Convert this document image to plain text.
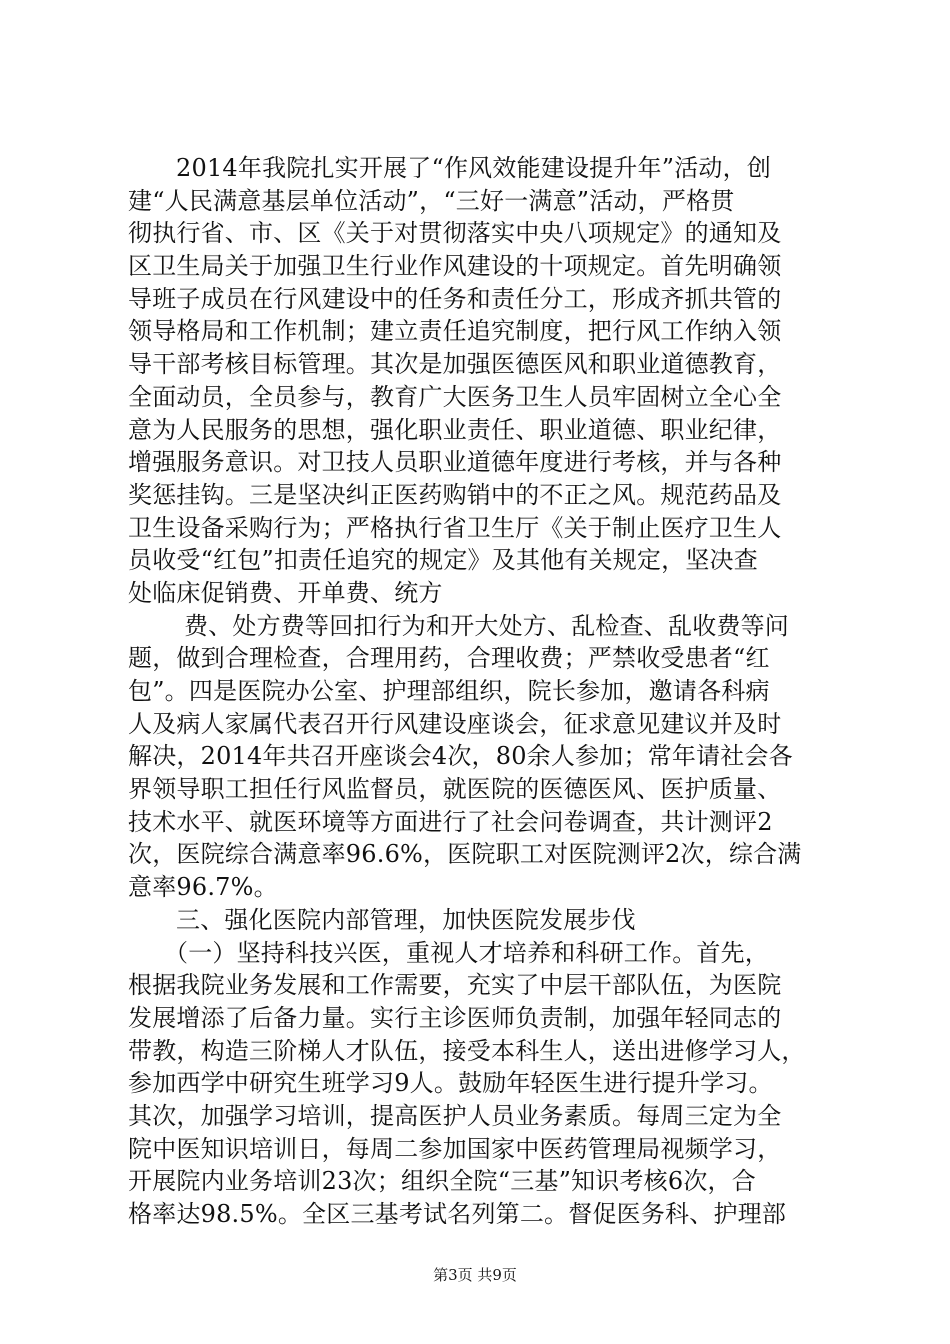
2014年我院扎实开展了“作风效能建设提升年”活动，创
建“人民满意基层单位活动”，“三好一满意”活动，严格贯
彻执行省、市、区《关于对贯彻落实中央八项规定》的通知及
区卫生局关于加强卫生行业作风建设的十项规定。首先明确领
导班子成员在行风建设中的任务和责任分工，形成齐抓共管的
领导格局和工作机制；建立责任追究制度，把行风工作纳入领
导干部考核目标管理。其次是加强医德医风和职业道德教育，
全面动员，全员参与，教育广大医务卫生人员牢固树立全心全
意为人民服务的思想，强化职业责任、职业道德、职业纪律，
增强服务意识。对卫技人员职业道德年度进行考核，并与各种
奖惩挂钩。三是坚决纠正医药购销中的不正之风。规范药品及
卫生设备采购行为；严格执行省卫生厅《关于制止医疗卫生人
员收受“红包”扣责任追究的规定》及其他有关规定，坚决查
处临床促销费、开单费、统方
费、处方费等回扣行为和开大处方、乱检查、乱收费等问
题，做到合理检查，合理用药，合理收费；严禁收受患者“红
包”。四是医院办公室、护理部组织，院长参加，邀请各科病
人及病人家属代表召开行风建设座谈会，征求意见建议并及时
解决，2014年共召开座谈会4次，80余人参加；常年请社会各
界领导职工担任行风监督员，就医院的医德医风、医护质量、
技术水平、就医环境等方面进行了社会问卷调查，共计测评2
次，医院综合满意率96.6%，医院职工对医院测评2次，综合满
意率96.7%。
三、强化医院内部管理，加快医院发展步伐
（一）坚持科技兴医，重视人才培养和科研工作。首先，
根据我院业务发展和工作需要，充实了中层干部队伍，为医院
发展增添了后备力量。实行主诊医师负责制，加强年轻同志的
带教，构造三阶梯人才队伍，接受本科生人，送出进修学习人，
参加西学中研究生班学习9人。鼓励年轻医生进行提升学习。
其次，加强学习培训，提高医护人员业务素质。每周三定为全
院中医知识培训日，每周二参加国家中医药管理局视频学习，
开展院内业务培训23次；组织全院“三基”知识考核6次，合
格率达98.5%。全区三基考试名列第二。督促医务科、护理部
第3页 共9页
